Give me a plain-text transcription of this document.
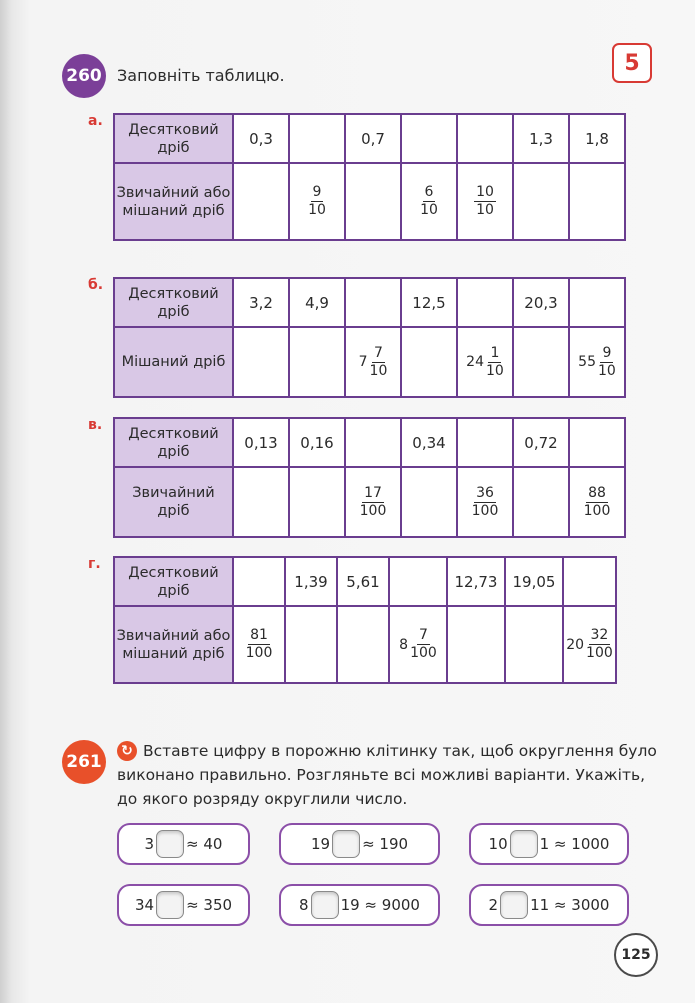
260 Заповніть таблицю.	5
а.
Десятковий дріб	0,3		0,7			1,3	1,8
Звичайний або мішаний дріб		$\frac{9}{10}$		$\frac{6}{10}$	$\frac{10}{10}$

б.
Десятковий дріб	3,2	4,9		12,5		20,3	
Мішаний дріб			$7 \frac{7}{10}$		$24 \frac{1}{10}$		$55 \frac{9}{10}$
в.
Десятковий дріб	0,13	0,16		0,34		0,72	
Звичайний дріб			$\frac{17}{100}$		$\frac{36}{100}$		$\frac{88}{100}$
г.
Десятковий дріб		1,39	5,61		12,73	19,05	
Звичайний або мішаний дріб	$\frac{81}{100}$			$8 \frac{7}{100}$			$20 \frac{32}{100}$
261
Вставте цифру в порожню клітинку так, щоб округлення було виконано правильно. Розгляньте всі можливі варіанти. Укажіть, до якого розряду округлили число.
↻
3 ≈ 40	19 ≈ 190	10 1 ≈ 1000
34 ≈ 350	8 19 ≈ 9000	2 11 ≈ 3000
125
